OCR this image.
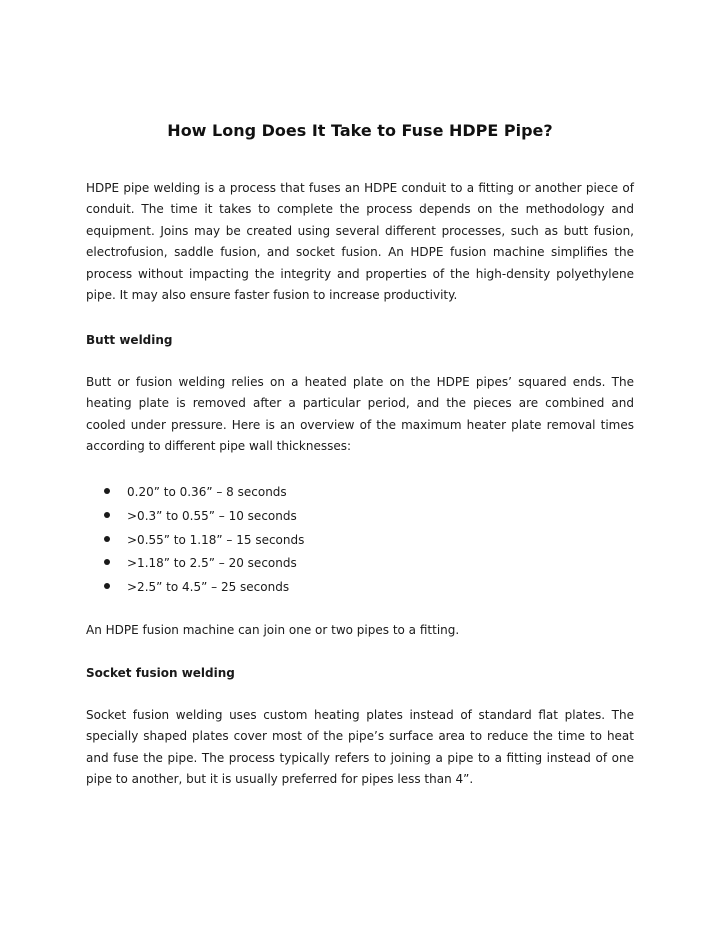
How Long Does It Take to Fuse HDPE Pipe?

HDPE pipe welding is a process that fuses an HDPE conduit to a fitting or another piece of conduit. The time it takes to complete the process depends on the methodology and equipment. Joins may be created using several different processes, such as butt fusion, electrofusion, saddle fusion, and socket fusion. An HDPE fusion machine simplifies the process without impacting the integrity and properties of the high-density polyethylene pipe. It may also ensure faster fusion to increase productivity.

Butt welding

Butt or fusion welding relies on a heated plate on the HDPE pipes’ squared ends. The heating plate is removed after a particular period, and the pieces are combined and cooled under pressure. Here is an overview of the maximum heater plate removal times according to different pipe wall thicknesses:

0.20” to 0.36” – 8 seconds
>0.3” to 0.55” – 10 seconds
>0.55” to 1.18” – 15 seconds
>1.18” to 2.5” – 20 seconds
>2.5” to 4.5” – 25 seconds

An HDPE fusion machine can join one or two pipes to a fitting.

Socket fusion welding

Socket fusion welding uses custom heating plates instead of standard flat plates. The specially shaped plates cover most of the pipe’s surface area to reduce the time to heat and fuse the pipe. The process typically refers to joining a pipe to a fitting instead of one pipe to another, but it is usually preferred for pipes less than 4”.
